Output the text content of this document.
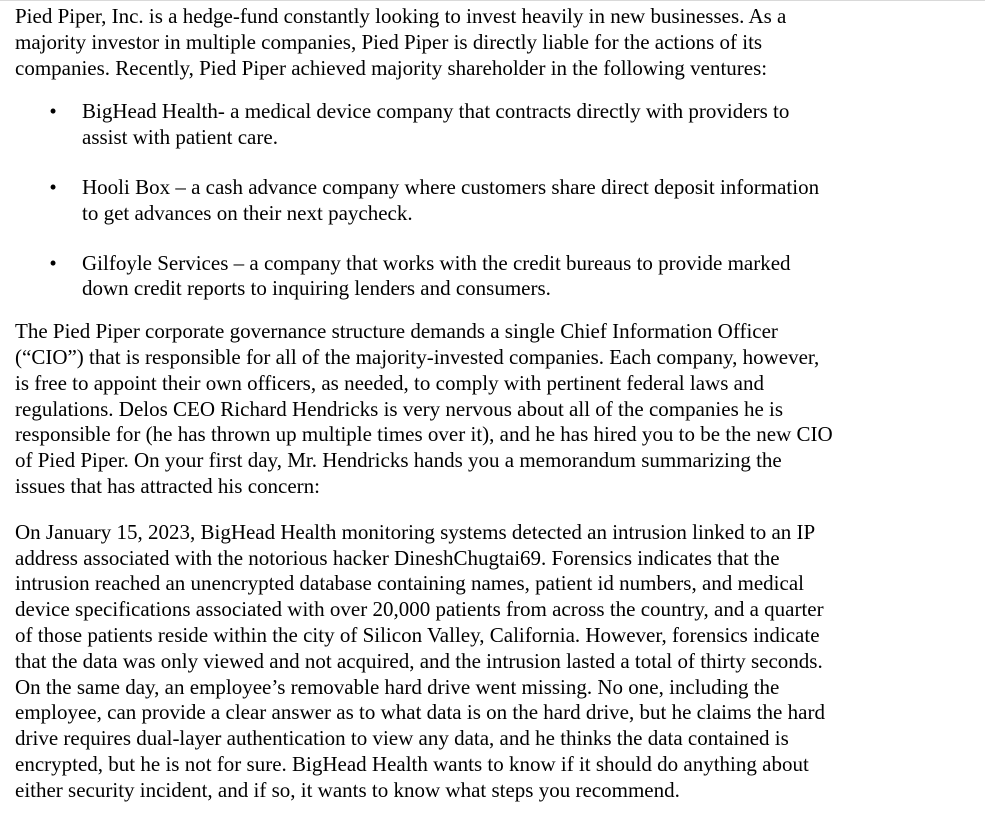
Pied Piper, Inc. is a hedge-fund constantly looking to invest heavily in new businesses. As a
majority investor in multiple companies, Pied Piper is directly liable for the actions of its
companies. Recently, Pied Piper achieved majority shareholder in the following ventures:

• BigHead Health- a medical device company that contracts directly with providers to
assist with patient care.
• Hooli Box – a cash advance company where customers share direct deposit information
to get advances on their next paycheck.
• Gilfoyle Services – a company that works with the credit bureaus to provide marked
down credit reports to inquiring lenders and consumers.

The Pied Piper corporate governance structure demands a single Chief Information Officer
(“CIO”) that is responsible for all of the majority-invested companies. Each company, however,
is free to appoint their own officers, as needed, to comply with pertinent federal laws and
regulations. Delos CEO Richard Hendricks is very nervous about all of the companies he is
responsible for (he has thrown up multiple times over it), and he has hired you to be the new CIO
of Pied Piper. On your first day, Mr. Hendricks hands you a memorandum summarizing the
issues that has attracted his concern:

On January 15, 2023, BigHead Health monitoring systems detected an intrusion linked to an IP
address associated with the notorious hacker DineshChugtai69. Forensics indicates that the
intrusion reached an unencrypted database containing names, patient id numbers, and medical
device specifications associated with over 20,000 patients from across the country, and a quarter
of those patients reside within the city of Silicon Valley, California. However, forensics indicate
that the data was only viewed and not acquired, and the intrusion lasted a total of thirty seconds.
On the same day, an employee’s removable hard drive went missing. No one, including the
employee, can provide a clear answer as to what data is on the hard drive, but he claims the hard
drive requires dual-layer authentication to view any data, and he thinks the data contained is
encrypted, but he is not for sure. BigHead Health wants to know if it should do anything about
either security incident, and if so, it wants to know what steps you recommend.
